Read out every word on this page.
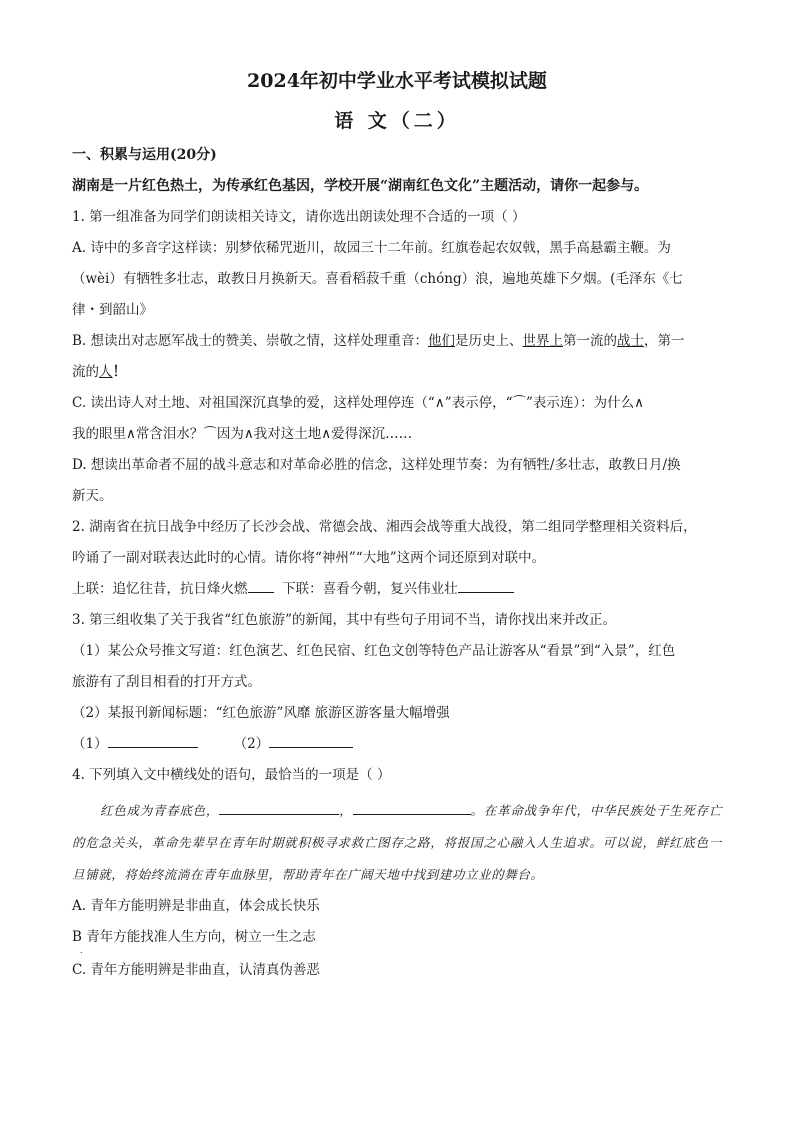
2024年初中学业水平考试模拟试题

语 文（二）

一、积累与运用(20分)

湖南是一片红色热土，为传承红色基因，学校开展“湖南红色文化”主题活动，请你一起参与。

1. 第一组准备为同学们朗读相关诗文，请你选出朗读处理不合适的一项（ ）

A. 诗中的多音字这样读：别梦依稀咒逝川，故园三十二年前。红旗卷起农奴戟，黑手高悬霸主鞭。为

（wèi）有牺牲多壮志，敢教日月换新天。喜看稻菽千重（chóng）浪，遍地英雄下夕烟。(毛泽东《七

律・到韶山》

B. 想读出对志愿军战士的赞美、崇敬之情，这样处理重音：他们是历史上、世界上第一流的战士，第一

流的人！

C. 读出诗人对土地、对祖国深沉真挚的爱，这样处理停连（“∧”表示停，“⌒”表示连）：为什么∧

我的眼里∧常含泪水？⌒因为∧我对这土地∧爱得深沉……

D. 想读出革命者不屈的战斗意志和对革命必胜的信念，这样处理节奏：为有牺牲/多壮志，敢教日月/换

新天。

2. 湖南省在抗日战争中经历了长沙会战、常德会战、湘西会战等重大战役，第二组同学整理相关资料后，

吟诵了一副对联表达此时的心情。请你将“神州”“大地”这两个词还原到对联中。

上联：追忆往昔，抗日烽火燃	下联：喜看今朝，复兴伟业壮

3. 第三组收集了关于我省“红色旅游”的新闻，其中有些句子用词不当，请你找出来并改正。

（1）某公众号推文写道：红色演艺、红色民宿、红色文创等特色产品让游客从“看景”到“入景”，红色

旅游有了刮目相看的打开方式。

（2）某报刊新闻标题：“红色旅游”风靡 旅游区游客量大幅增强

（1）	（2）

4. 下列填入文中横线处的语句，最恰当的一项是（ ）

红色成为青春底色，	，	。在革命战争年代，中华民族处于生死存亡的危急关头，革命先辈早在青年时期就积极寻求救亡图存之路，将报国之心融入人生追求。可以说，鲜红底色一旦铺就，将始终流淌在青年血脉里，帮助青年在广阔天地中找到建功立业的舞台。

A. 青年方能明辨是非曲直，体会成长快乐

B 青年方能找准人生方向，树立一生之志

．

C. 青年方能明辨是非曲直，认清真伪善恶
